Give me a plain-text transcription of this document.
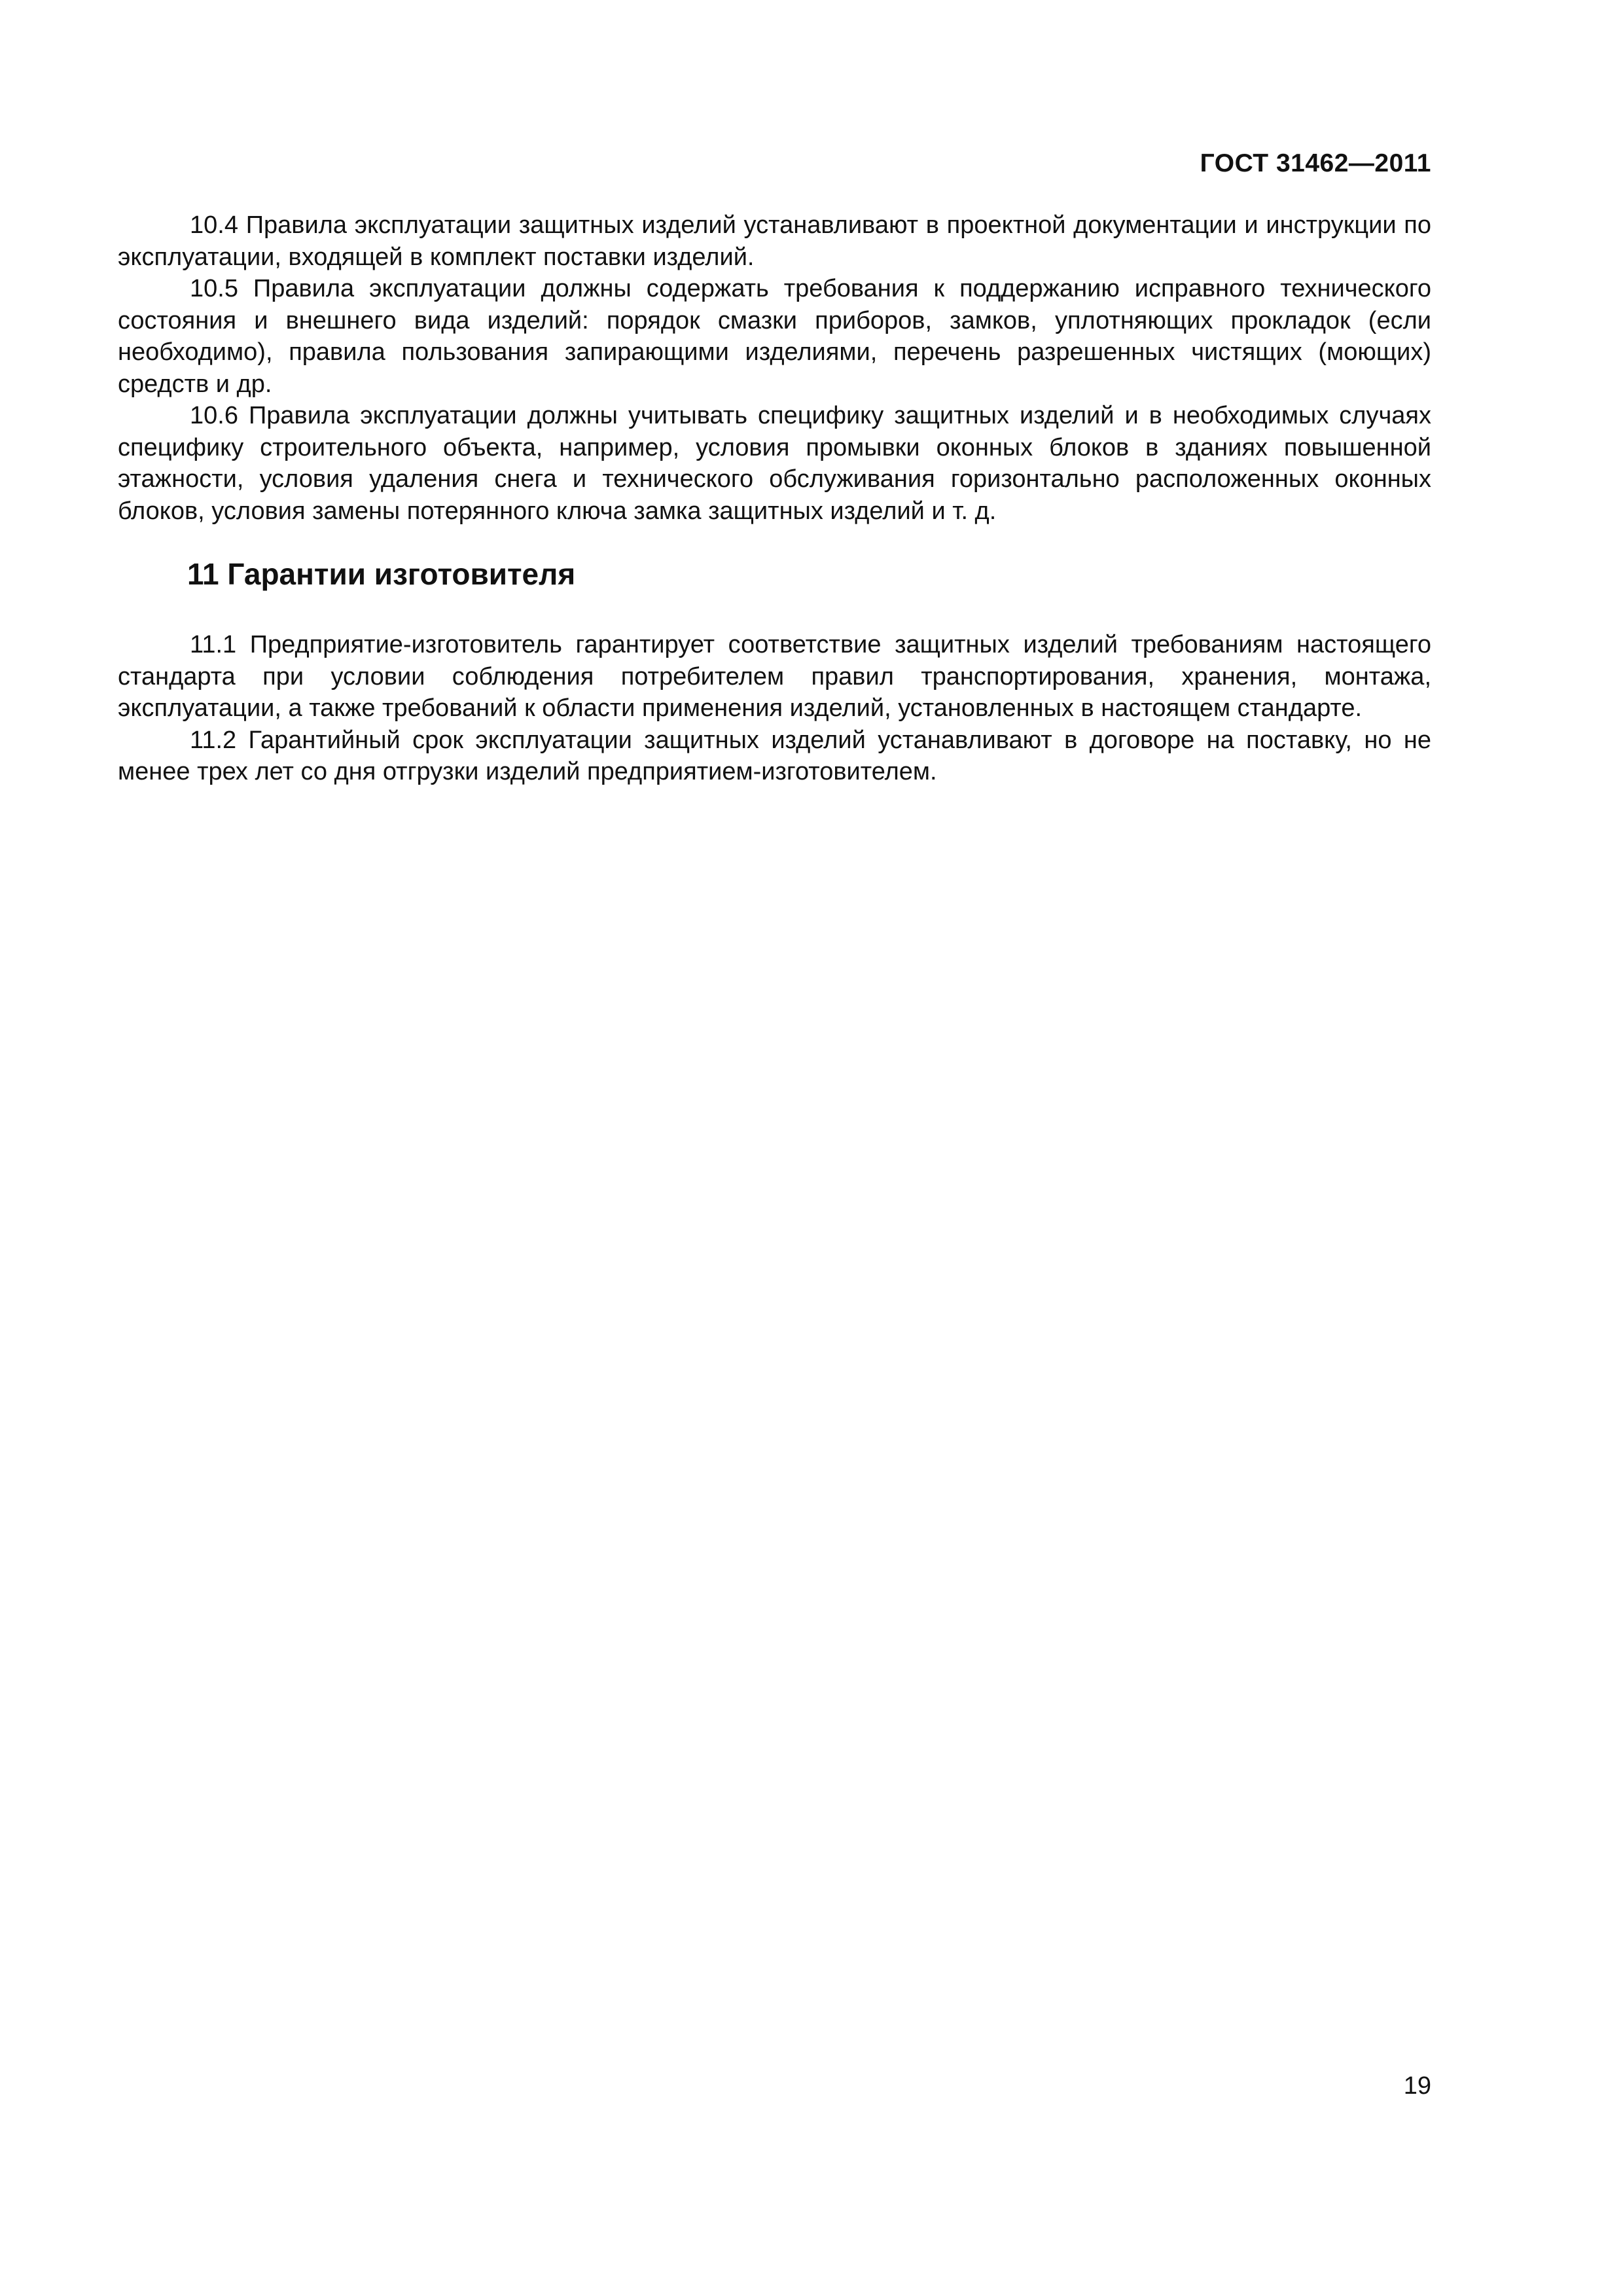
ГОСТ 31462—2011

10.4 Правила эксплуатации защитных изделий устанавливают в проектной документации и инструкции по эксплуатации, входящей в комплект поставки изделий.

10.5 Правила эксплуатации должны содержать требования к поддержанию исправного технического состояния и внешнего вида изделий: порядок смазки приборов, замков, уплотняющих прокладок (если необходимо), правила пользования запирающими изделиями, перечень разрешенных чистящих (моющих) средств и др.

10.6 Правила эксплуатации должны учитывать специфику защитных изделий и в необходимых случаях специфику строительного объекта, например, условия промывки оконных блоков в зданиях повышенной этажности, условия удаления снега и технического обслуживания горизонтально расположенных оконных блоков, условия замены потерянного ключа замка защитных изделий и т. д.

11 Гарантии изготовителя

11.1 Предприятие-изготовитель гарантирует соответствие защитных изделий требованиям настоящего стандарта при условии соблюдения потребителем правил транспортирования, хранения, монтажа, эксплуатации, а также требований к области применения изделий, установленных в настоящем стандарте.

11.2 Гарантийный срок эксплуатации защитных изделий устанавливают в договоре на поставку, но не менее трех лет со дня отгрузки изделий предприятием-изготовителем.

19
